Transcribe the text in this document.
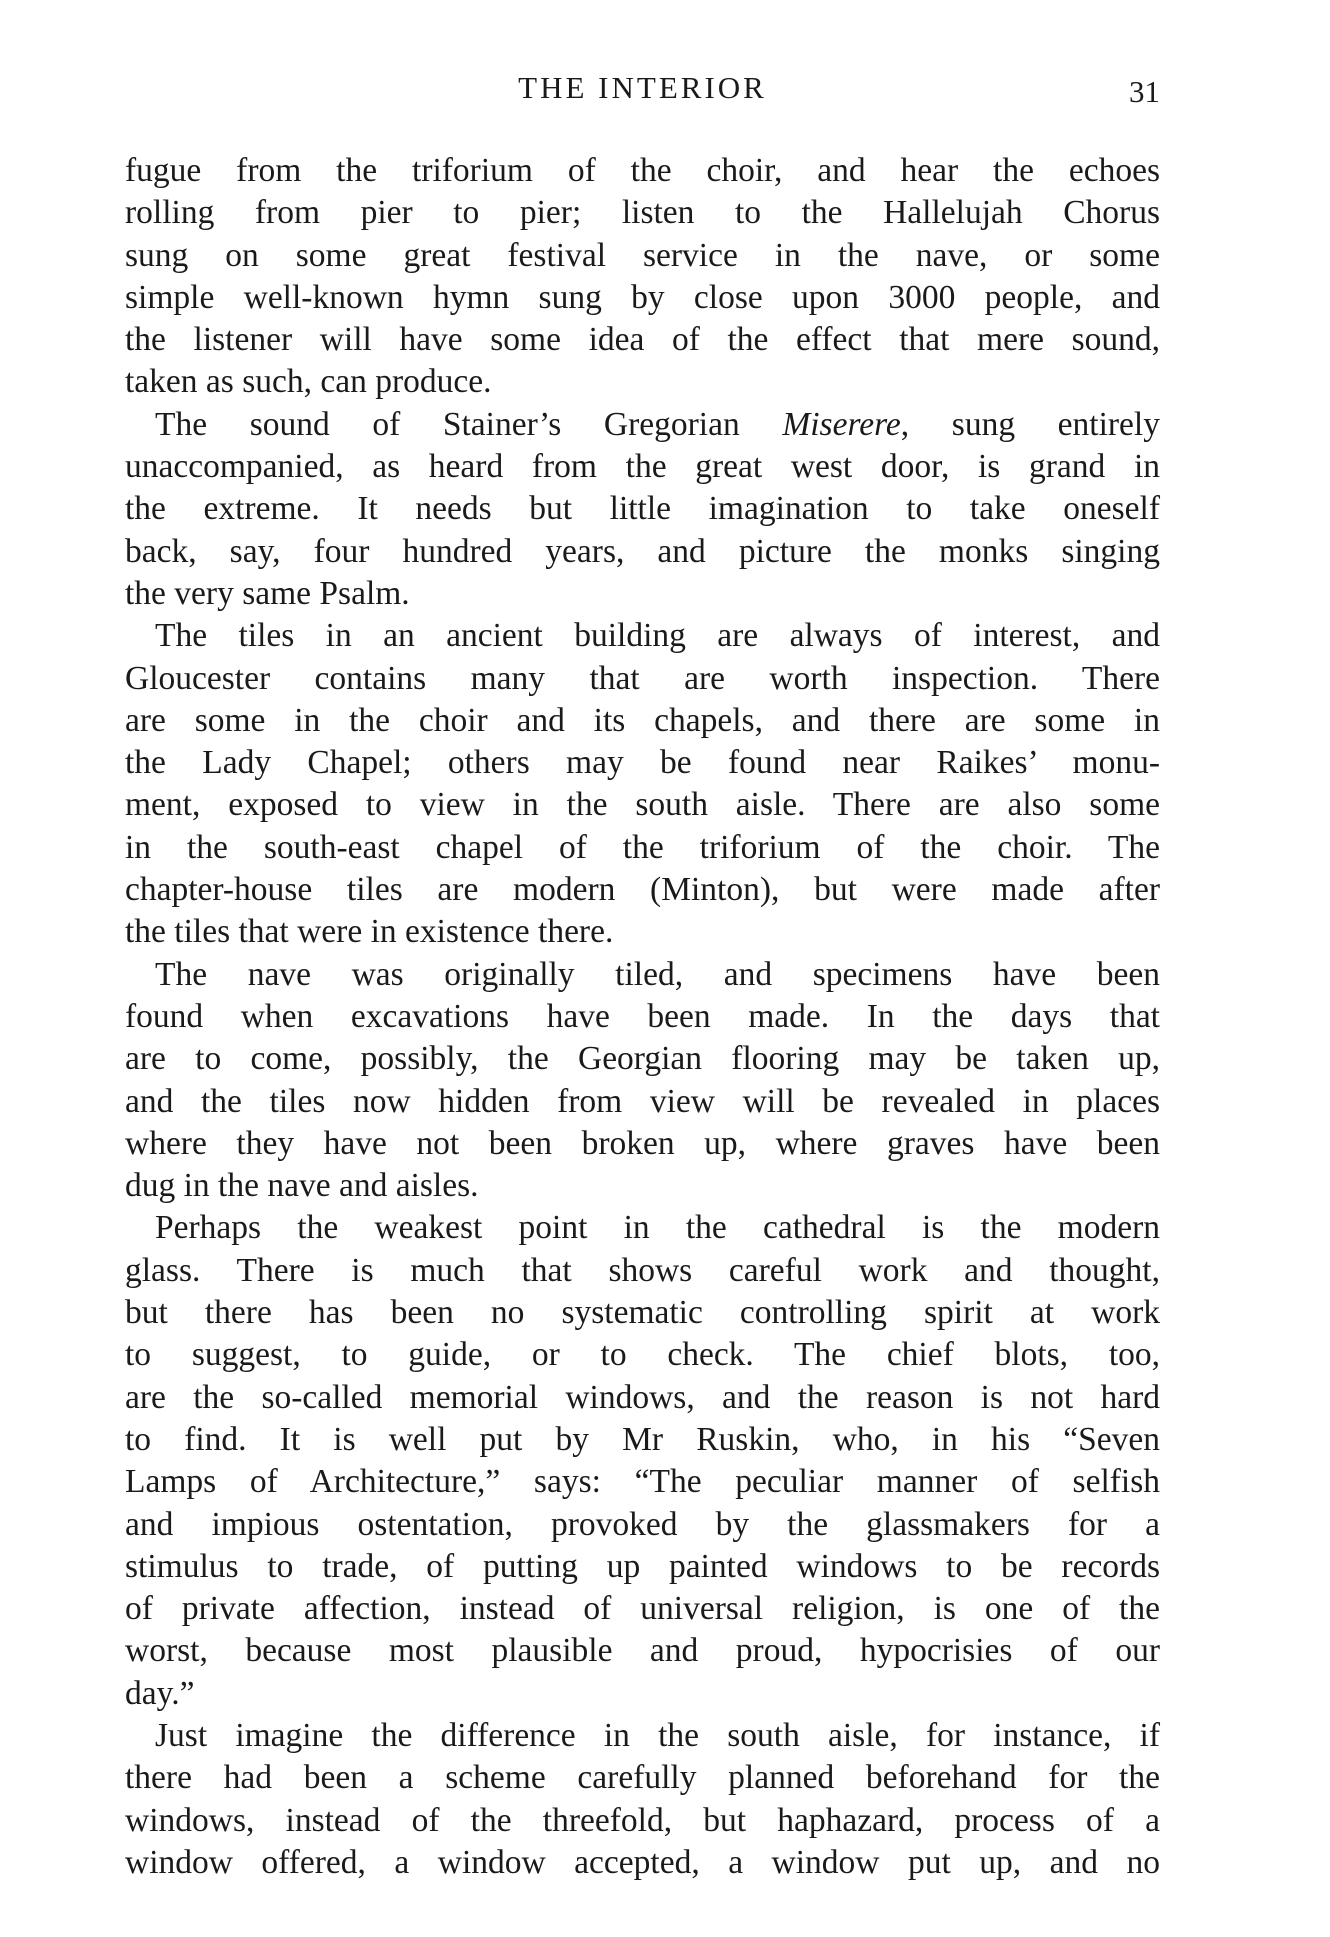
THE INTERIOR	31
fugue from the triforium of the choir, and hear the echoes
rolling from pier to pier; listen to the Hallelujah Chorus
sung on some great festival service in the nave, or some
simple well-known hymn sung by close upon 3000 people, and
the listener will have some idea of the effect that mere sound,
taken as such, can produce.
The sound of Stainer’s Gregorian Miserere, sung entirely
unaccompanied, as heard from the great west door, is grand in
the extreme. It needs but little imagination to take oneself
back, say, four hundred years, and picture the monks singing
the very same Psalm.
The tiles in an ancient building are always of interest, and
Gloucester contains many that are worth inspection. There
are some in the choir and its chapels, and there are some in
the Lady Chapel; others may be found near Raikes’ monu-
ment, exposed to view in the south aisle. There are also some
in the south-east chapel of the triforium of the choir. The
chapter-house tiles are modern (Minton), but were made after
the tiles that were in existence there.
The nave was originally tiled, and specimens have been
found when excavations have been made. In the days that
are to come, possibly, the Georgian flooring may be taken up,
and the tiles now hidden from view will be revealed in places
where they have not been broken up, where graves have been
dug in the nave and aisles.
Perhaps the weakest point in the cathedral is the modern
glass. There is much that shows careful work and thought,
but there has been no systematic controlling spirit at work
to suggest, to guide, or to check. The chief blots, too,
are the so-called memorial windows, and the reason is not hard
to find. It is well put by Mr Ruskin, who, in his “Seven
Lamps of Architecture,” says: “The peculiar manner of selfish
and impious ostentation, provoked by the glassmakers for a
stimulus to trade, of putting up painted windows to be records
of private affection, instead of universal religion, is one of the
worst, because most plausible and proud, hypocrisies of our
day.”
Just imagine the difference in the south aisle, for instance, if
there had been a scheme carefully planned beforehand for the
windows, instead of the threefold, but haphazard, process of a
window offered, a window accepted, a window put up, and no
